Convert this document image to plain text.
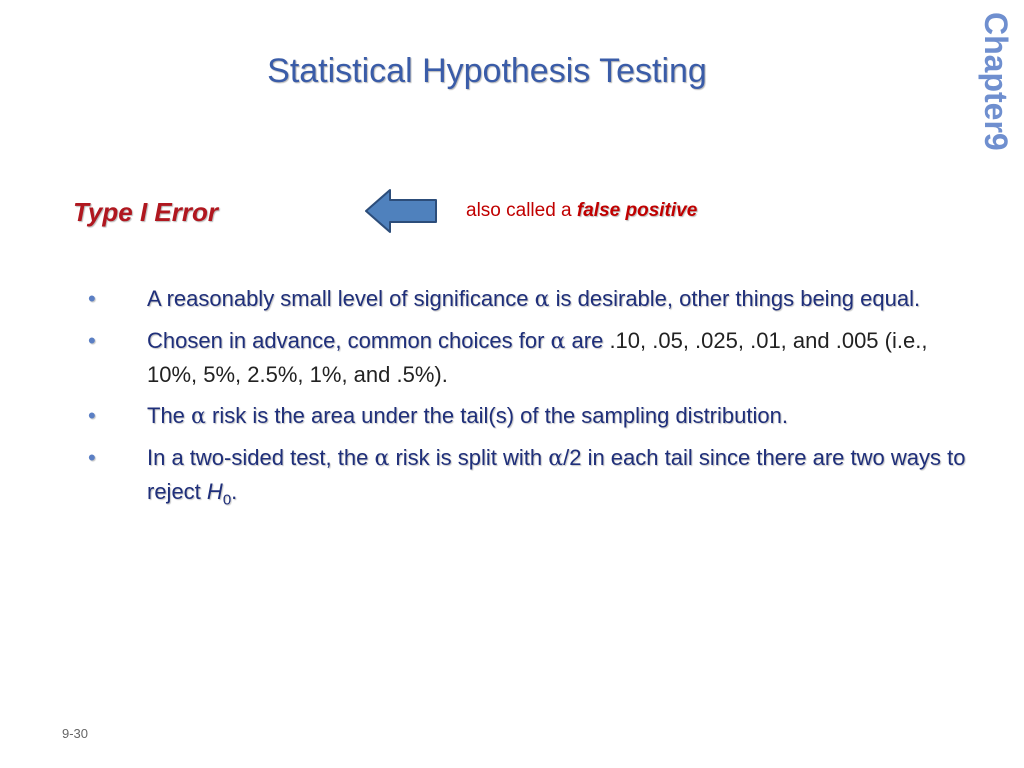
Statistical Hypothesis Testing	Chapter9
Type I Error	also called a false positive
• A reasonably small level of significance α is desirable, other things being equal.
• Chosen in advance, common choices for α are .10, .05, .025, .01, and .005 (i.e., 10%, 5%, 2.5%, 1%, and .5%).
• The α risk is the area under the tail(s) of the sampling distribution.
• In a two-sided test, the α risk is split with α/2 in each tail since there are two ways to reject $H_0$.
9-30
